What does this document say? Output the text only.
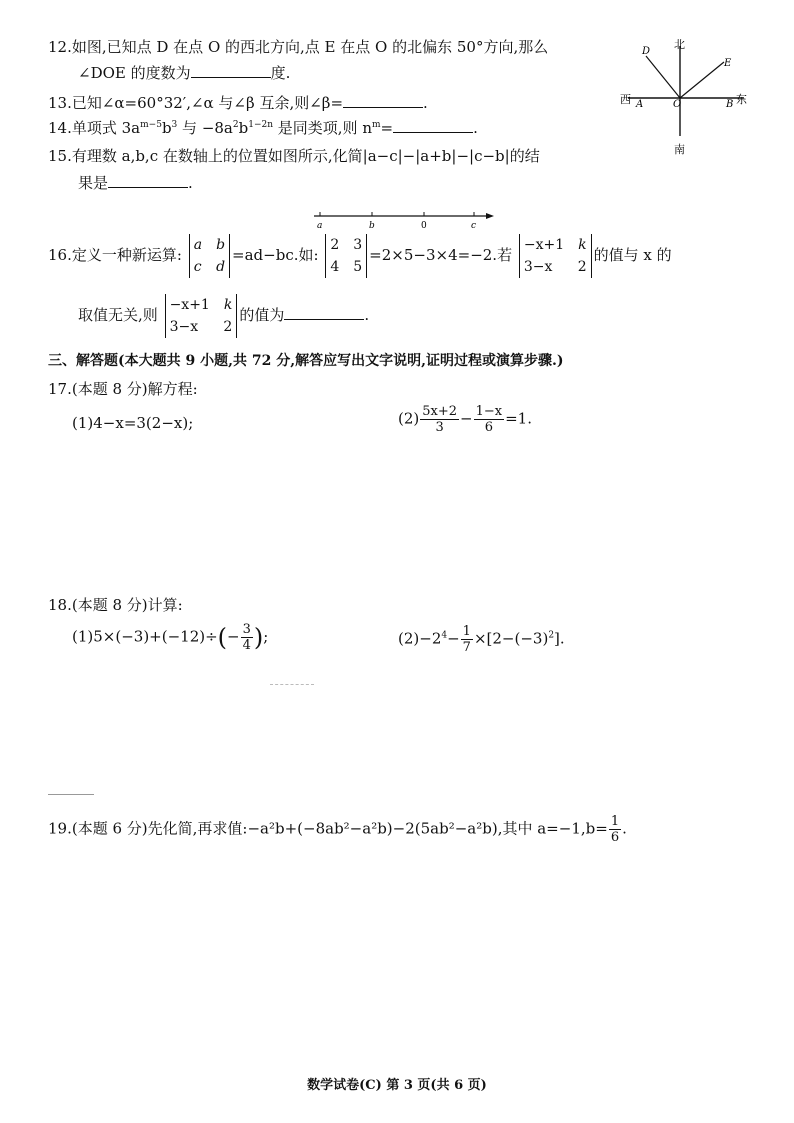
12.如图,已知点 D 在点 O 的西北方向,点 E 在点 O 的北偏东 50°方向,那么
∠DOE 的度数为	度.
北
南
西	东
D
E
A	B
O
13.已知∠α=60°32′,∠α 与∠β 互余,则∠β=	.
14.单项式 $3a^{m-5}b^3$ 与 $-8a^2b^{1-2n}$ 是同类项,则 $n^m=$	.
15.有理数 a,b,c 在数轴上的位置如图所示,化简|a−c|−|a+b|−|c−b|的结
果是	.
a	b	0	c
16.定义一种新运算:
a b
c d
=ad−bc.如:
2 3
4 5
=2×5−3×4=−2.若
−x+1 k
3−x 2
的值与 x 的
取值无关,则
−x+1 k
3−x 2
的值为	.
三、解答题(本大题共 9 小题,共 72 分,解答应写出文字说明,证明过程或演算步骤.)
17.(本题 8 分)解方程:
(1)4−x=3(2−x);	$(2) \frac{5x+2}{3} - \frac{1-x}{6} =1$.
18.(本题 8 分)计算:
$(1)5\times(-3)+(-12)\div(- \frac{3}{4}$ );	$(2)-2^4- \frac{1}{7} \times[2-(-3)^2]$.
19.(本题 6 分)先化简,再求值:−a²b+(−8ab²−a²b)−2(5ab²−a²b),其中 $a=-1,b= \frac{1}{6}$ .
数学试卷(C) 第 3 页(共 6 页)
